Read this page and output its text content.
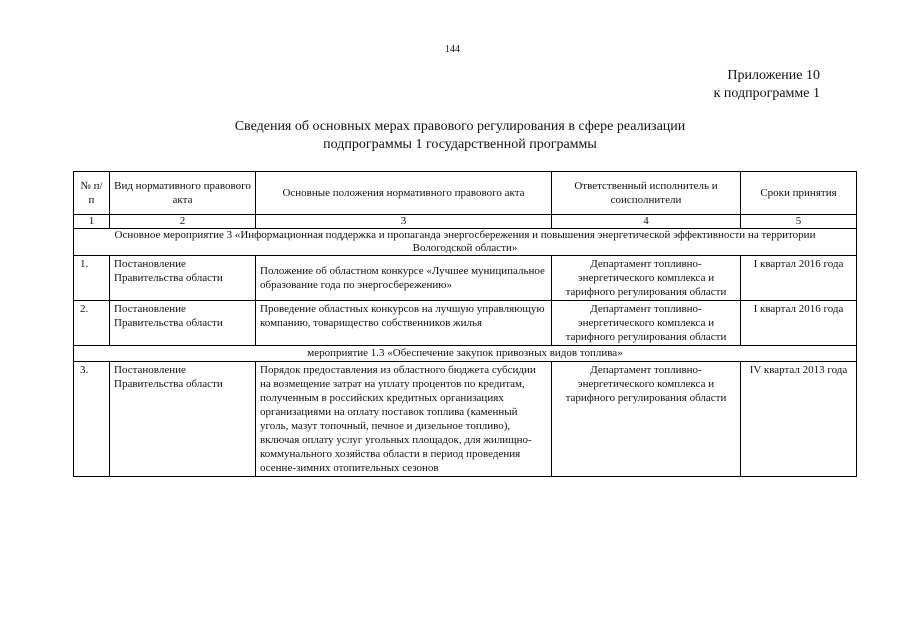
144
Приложение 10
к подпрограмме 1
Сведения об основных мерах правового регулирования в сфере реализации
подпрограммы 1 государственной программы
№ п/п	Вид нормативного правового акта	Основные положения нормативного правового акта	Ответственный исполнитель и соисполнители	Сроки принятия
1	2	3	4	5
Основное мероприятие 3 «Информационная поддержка и пропаганда энергосбережения и повышения энергетической эффективности на территории Вологодской области»				
1.	Постановление Правительства области	Положение об областном конкурсе «Лучшее муниципальное образование года по энергосбережению»	Департамент топливно-энергетического комплекса и тарифного регулирования области	I квартал 2016 года
2.	Постановление Правительства области	Проведение областных конкурсов на лучшую управляющую компанию, товарищество собственников жилья	Департамент топливно-энергетического комплекса и тарифного регулирования области	I квартал 2016 года
мероприятие 1.3 «Обеспечение закупок привозных видов топлива»				
3.	Постановление Правительства области	Порядок предоставления из областного бюджета субсидии на возмещение затрат на уплату процентов по кредитам, полученным в российских кредитных организациях организациями на оплату поставок топлива (каменный уголь, мазут топочный, печное и дизельное топливо), включая оплату услуг угольных площадок, для жилищно-коммунального хозяйства области в период проведения осенне-зимних отопительных сезонов	Департамент топливно-энергетического комплекса и тарифного регулирования области	IV квартал 2013 года
